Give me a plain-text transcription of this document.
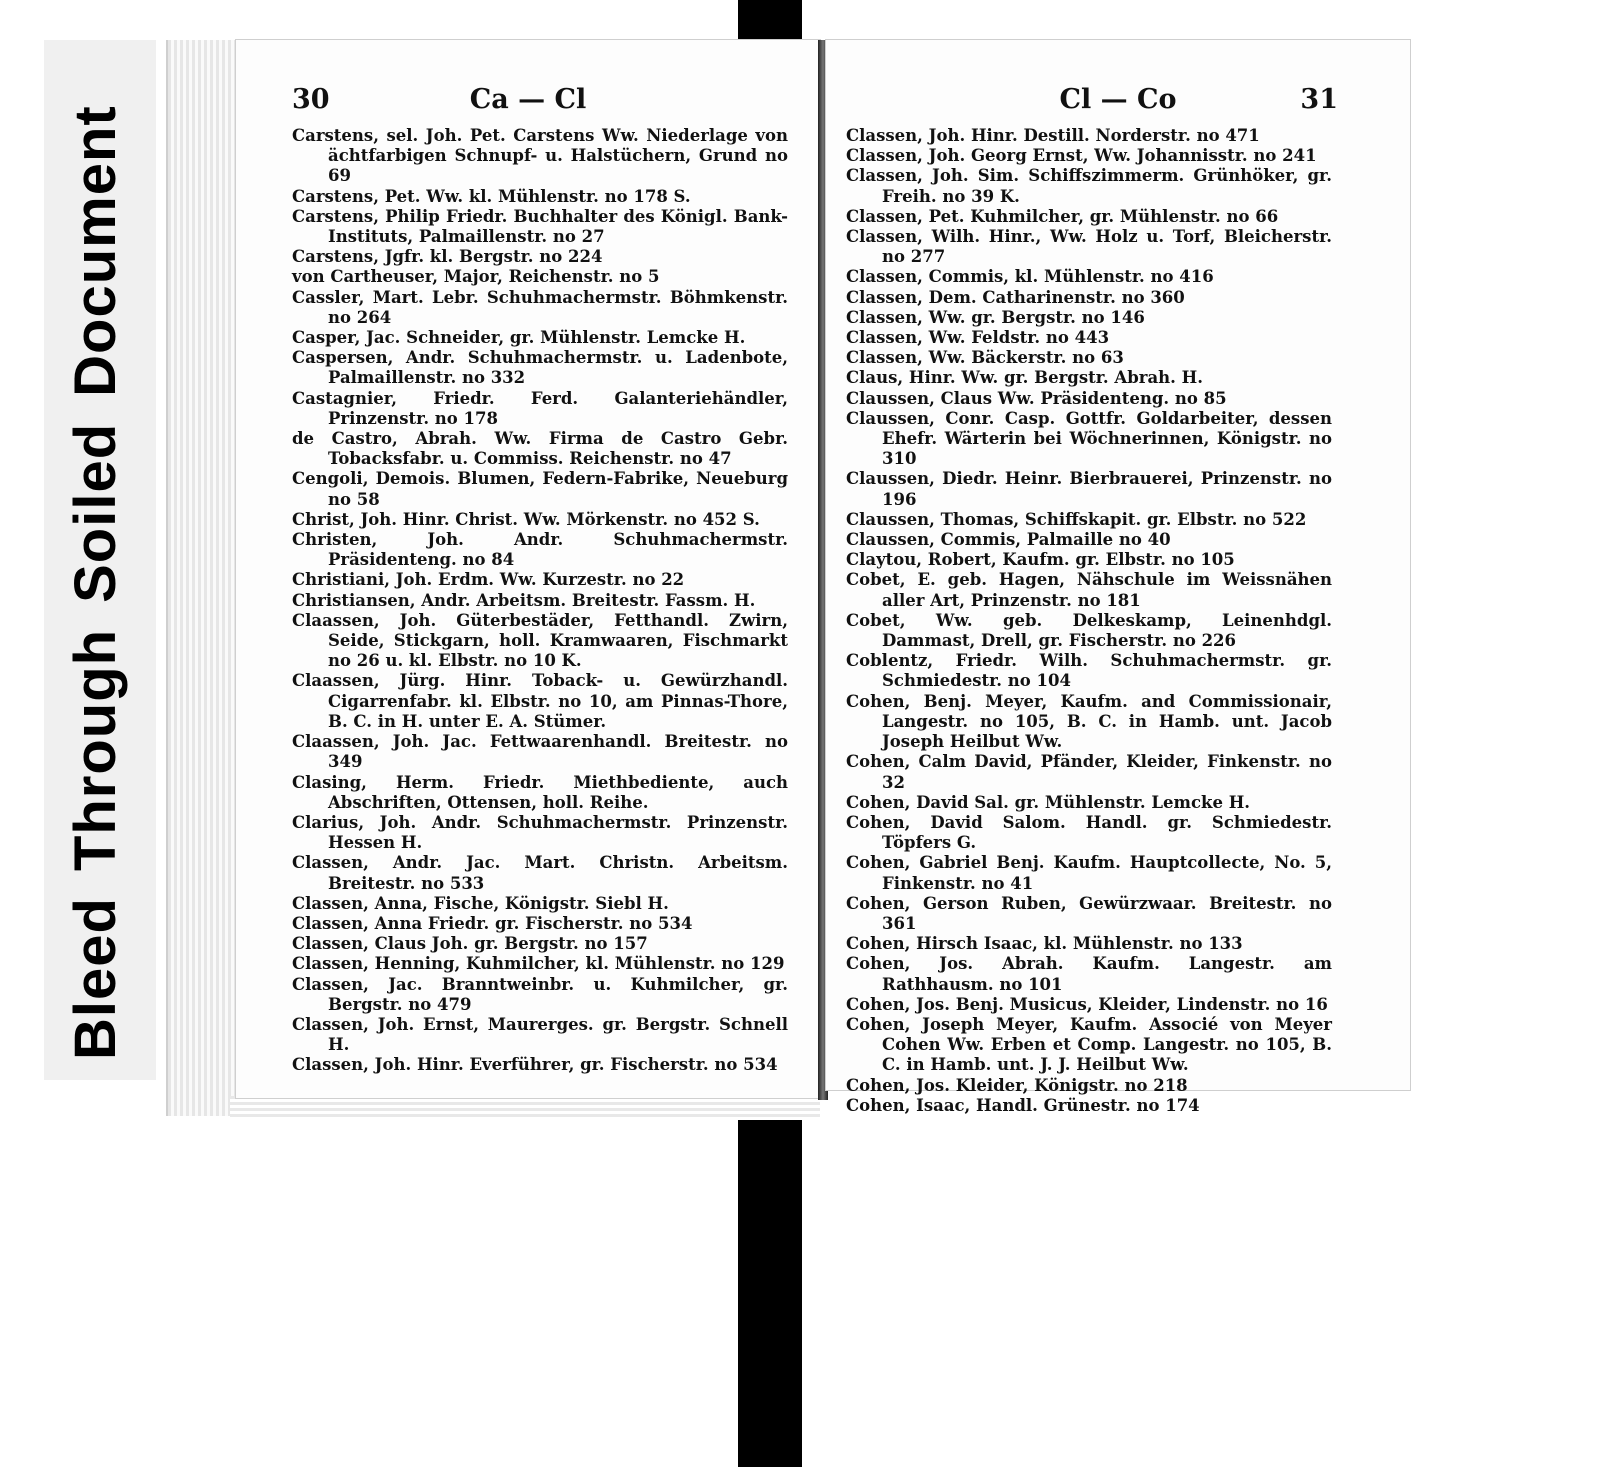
BleedThroughSoiledDocument
30	Ca — Cl
Carstens, sel. Joh. Pet. Carstens Ww. Niederlage von ächtfarbigen Schnupf- u. Halstüchern, Grund no 69
Carstens, Pet. Ww. kl. Mühlenstr. no 178 S.
Carstens, Philip Friedr. Buchhalter des Königl. Bank-Instituts, Palmaillenstr. no 27
Carstens, Jgfr. kl. Bergstr. no 224
von Cartheuser, Major, Reichenstr. no 5
Cassler, Mart. Lebr. Schuhmachermstr. Böhmkenstr. no 264
Casper, Jac. Schneider, gr. Mühlenstr. Lemcke H.
Caspersen, Andr. Schuhmachermstr. u. Ladenbote, Palmaillenstr. no 332
Castagnier, Friedr. Ferd. Galanteriehändler, Prinzenstr. no 178
de Castro, Abrah. Ww. Firma de Castro Gebr. Tobacksfabr. u. Commiss. Reichenstr. no 47
Cengoli, Demois. Blumen, Federn-Fabrike, Neueburg no 58
Christ, Joh. Hinr. Christ. Ww. Mörkenstr. no 452 S.
Christen, Joh. Andr. Schuhmachermstr. Präsidenteng. no 84
Christiani, Joh. Erdm. Ww. Kurzestr. no 22
Christiansen, Andr. Arbeitsm. Breitestr. Fassm. H.
Claassen, Joh. Güterbestäder, Fetthandl. Zwirn, Seide, Stickgarn, holl. Kramwaaren, Fischmarkt no 26 u. kl. Elbstr. no 10 K.
Claassen, Jürg. Hinr. Toback- u. Gewürzhandl. Cigarrenfabr. kl. Elbstr. no 10, am Pinnas-Thore, B. C. in H. unter E. A. Stümer.
Claassen, Joh. Jac. Fettwaarenhandl. Breitestr. no 349
Clasing, Herm. Friedr. Miethbediente, auch Abschriften, Ottensen, holl. Reihe.
Clarius, Joh. Andr. Schuhmachermstr. Prinzenstr. Hessen H.
Classen, Andr. Jac. Mart. Christn. Arbeitsm. Breitestr. no 533
Classen, Anna, Fische, Königstr. Siebl H.
Classen, Anna Friedr. gr. Fischerstr. no 534
Classen, Claus Joh. gr. Bergstr. no 157
Classen, Henning, Kuhmilcher, kl. Mühlenstr. no 129
Classen, Jac. Branntweinbr. u. Kuhmilcher, gr. Bergstr. no 479
Classen, Joh. Ernst, Maurerges. gr. Bergstr. Schnell H.
Classen, Joh. Hinr. Everführer, gr. Fischerstr. no 534
Cl — Co	31
Classen, Joh. Hinr. Destill. Norderstr. no 471
Classen, Joh. Georg Ernst, Ww. Johannisstr. no 241
Classen, Joh. Sim. Schiffszimmerm. Grünhöker, gr. Freih. no 39 K.
Classen, Pet. Kuhmilcher, gr. Mühlenstr. no 66
Classen, Wilh. Hinr., Ww. Holz u. Torf, Bleicherstr. no 277
Classen, Commis, kl. Mühlenstr. no 416
Classen, Dem. Catharinenstr. no 360
Classen, Ww. gr. Bergstr. no 146
Classen, Ww. Feldstr. no 443
Classen, Ww. Bäckerstr. no 63
Claus, Hinr. Ww. gr. Bergstr. Abrah. H.
Claussen, Claus Ww. Präsidenteng. no 85
Claussen, Conr. Casp. Gottfr. Goldarbeiter, dessen Ehefr. Wärterin bei Wöchnerinnen, Königstr. no 310
Claussen, Diedr. Heinr. Bierbrauerei, Prinzenstr. no 196
Claussen, Thomas, Schiffskapit. gr. Elbstr. no 522
Claussen, Commis, Palmaille no 40
Claytou, Robert, Kaufm. gr. Elbstr. no 105
Cobet, E. geb. Hagen, Nähschule im Weissnähen aller Art, Prinzenstr. no 181
Cobet, Ww. geb. Delkeskamp, Leinenhdgl. Dammast, Drell, gr. Fischerstr. no 226
Coblentz, Friedr. Wilh. Schuhmachermstr. gr. Schmiedestr. no 104
Cohen, Benj. Meyer, Kaufm. and Commissionair, Langestr. no 105, B. C. in Hamb. unt. Jacob Joseph Heilbut Ww.
Cohen, Calm David, Pfänder, Kleider, Finkenstr. no 32
Cohen, David Sal. gr. Mühlenstr. Lemcke H.
Cohen, David Salom. Handl. gr. Schmiedestr. Töpfers G.
Cohen, Gabriel Benj. Kaufm. Hauptcollecte, No. 5, Finkenstr. no 41
Cohen, Gerson Ruben, Gewürzwaar. Breitestr. no 361
Cohen, Hirsch Isaac, kl. Mühlenstr. no 133
Cohen, Jos. Abrah. Kaufm. Langestr. am Rathhausm. no 101
Cohen, Jos. Benj. Musicus, Kleider, Lindenstr. no 16
Cohen, Joseph Meyer, Kaufm. Associé von Meyer Cohen Ww. Erben et Comp. Langestr. no 105, B. C. in Hamb. unt. J. J. Heilbut Ww.
Cohen, Jos. Kleider, Königstr. no 218
Cohen, Isaac, Handl. Grünestr. no 174
